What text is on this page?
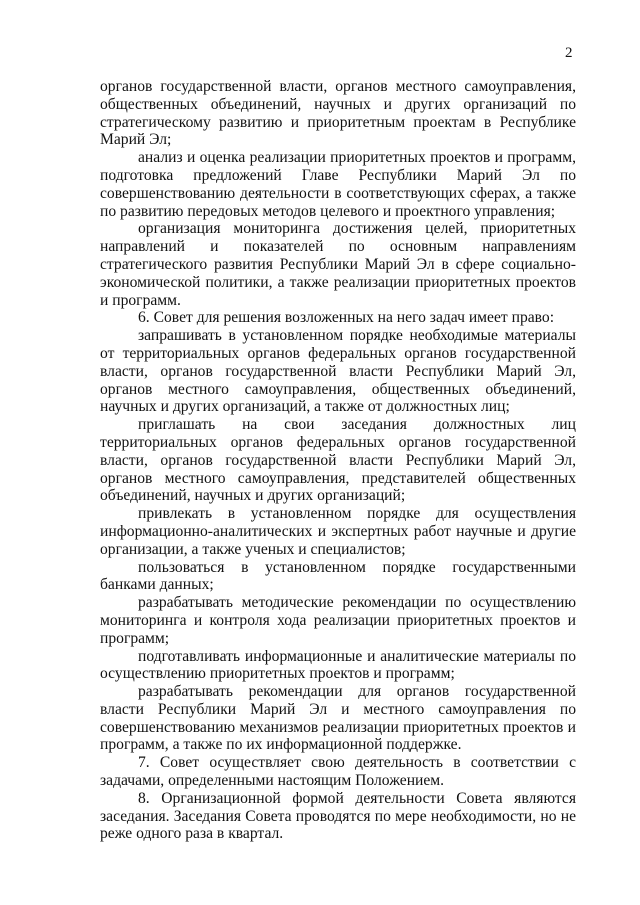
2

органов государственной власти, органов местного самоуправления, общественных объединений, научных и других организаций по стратегическому развитию и приоритетным проектам в Республике Марий Эл;

анализ и оценка реализации приоритетных проектов и программ, подготовка предложений Главе Республики Марий Эл по совершенствованию деятельности в соответствующих сферах, а также по развитию передовых методов целевого и проектного управления;

организация мониторинга достижения целей, приоритетных направлений и показателей по основным направлениям стратегического развития Республики Марий Эл в сфере социально-экономической политики, а также реализации приоритетных проектов и программ.

6. Совет для решения возложенных на него задач имеет право:

запрашивать в установленном порядке необходимые материалы от территориальных органов федеральных органов государственной власти, органов государственной власти Республики Марий Эл, органов местного самоуправления, общественных объединений, научных и других организаций, а также от должностных лиц;

приглашать на свои заседания должностных лиц территориальных органов федеральных органов государственной власти, органов государственной власти Республики Марий Эл, органов местного самоуправления, представителей общественных объединений, научных и других организаций;

привлекать в установленном порядке для осуществления информационно-аналитических и экспертных работ научные и другие организации, а также ученых и специалистов;

пользоваться в установленном порядке государственными банками данных;

разрабатывать методические рекомендации по осуществлению мониторинга и контроля хода реализации приоритетных проектов и программ;

подготавливать информационные и аналитические материалы по осуществлению приоритетных проектов и программ;

разрабатывать рекомендации для органов государственной власти Республики Марий Эл и местного самоуправления по совершенствованию механизмов реализации приоритетных проектов и программ, а также по их информационной поддержке.

7. Совет осуществляет свою деятельность в соответствии с задачами, определенными настоящим Положением.

8. Организационной формой деятельности Совета являются заседания. Заседания Совета проводятся по мере необходимости, но не реже одного раза в квартал.
